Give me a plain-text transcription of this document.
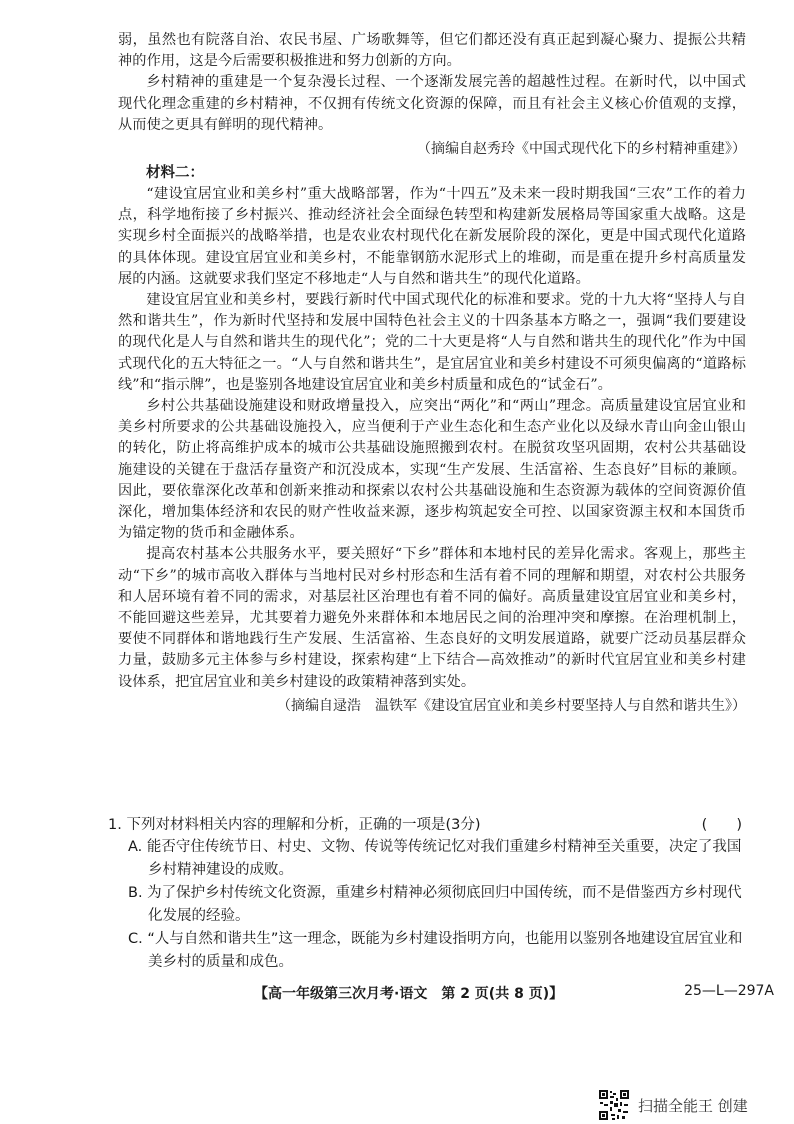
弱，虽然也有院落自治、农民书屋、广场歌舞等，但它们都还没有真正起到凝心聚力、提振公共精神的作用，这是今后需要积极推进和努力创新的方向。

乡村精神的重建是一个复杂漫长过程、一个逐渐发展完善的超越性过程。在新时代，以中国式现代化理念重建的乡村精神，不仅拥有传统文化资源的保障，而且有社会主义核心价值观的支撑，从而使之更具有鲜明的现代精神。

（摘编自赵秀玲《中国式现代化下的乡村精神重建》）

材料二：

“建设宜居宜业和美乡村”重大战略部署，作为“十四五”及未来一段时期我国“三农”工作的着力点，科学地衔接了乡村振兴、推动经济社会全面绿色转型和构建新发展格局等国家重大战略。这是实现乡村全面振兴的战略举措，也是农业农村现代化在新发展阶段的深化，更是中国式现代化道路的具体体现。建设宜居宜业和美乡村，不能靠钢筋水泥形式上的堆砌，而是重在提升乡村高质量发展的内涵。这就要求我们坚定不移地走“人与自然和谐共生”的现代化道路。

建设宜居宜业和美乡村，要践行新时代中国式现代化的标准和要求。党的十九大将“坚持人与自然和谐共生”，作为新时代坚持和发展中国特色社会主义的十四条基本方略之一，强调“我们要建设的现代化是人与自然和谐共生的现代化”；党的二十大更是将“人与自然和谐共生的现代化”作为中国式现代化的五大特征之一。“人与自然和谐共生”，是宜居宜业和美乡村建设不可须臾偏离的“道路标线”和“指示牌”，也是鉴别各地建设宜居宜业和美乡村质量和成色的“试金石”。

乡村公共基础设施建设和财政增量投入，应突出“两化”和“两山”理念。高质量建设宜居宜业和美乡村所要求的公共基础设施投入，应当便利于产业生态化和生态产业化以及绿水青山向金山银山的转化，防止将高维护成本的城市公共基础设施照搬到农村。在脱贫攻坚巩固期，农村公共基础设施建设的关键在于盘活存量资产和沉没成本，实现“生产发展、生活富裕、生态良好”目标的兼顾。因此，要依靠深化改革和创新来推动和探索以农村公共基础设施和生态资源为载体的空间资源价值深化，增加集体经济和农民的财产性收益来源，逐步构筑起安全可控、以国家资源主权和本国货币为锚定物的货币和金融体系。

提高农村基本公共服务水平，要关照好“下乡”群体和本地村民的差异化需求。客观上，那些主动“下乡”的城市高收入群体与当地村民对乡村形态和生活有着不同的理解和期望，对农村公共服务和人居环境有着不同的需求，对基层社区治理也有着不同的偏好。高质量建设宜居宜业和美乡村，不能回避这些差异，尤其要着力避免外来群体和本地居民之间的治理冲突和摩擦。在治理机制上，要使不同群体和谐地践行生产发展、生活富裕、生态良好的文明发展道路，就要广泛动员基层群众力量，鼓励多元主体参与乡村建设，探索构建“上下结合—高效推动”的新时代宜居宜业和美乡村建设体系，把宜居宜业和美乡村建设的政策精神落到实处。

（摘编自逯浩　温铁军《建设宜居宜业和美乡村要坚持人与自然和谐共生》）

1. 下列对材料相关内容的理解和分析，正确的一项是(3分)	(　　)

A. 能否守住传统节日、村史、文物、传说等传统记忆对我们重建乡村精神至关重要，决定了我国乡村精神建设的成败。

B. 为了保护乡村传统文化资源，重建乡村精神必须彻底回归中国传统，而不是借鉴西方乡村现代化发展的经验。

C. “人与自然和谐共生”这一理念，既能为乡村建设指明方向，也能用以鉴别各地建设宜居宜业和美乡村的质量和成色。

【高一年级第三次月考·语文　第 2 页(共 8 页)】	25—L—297A
扫描全能王 创建
